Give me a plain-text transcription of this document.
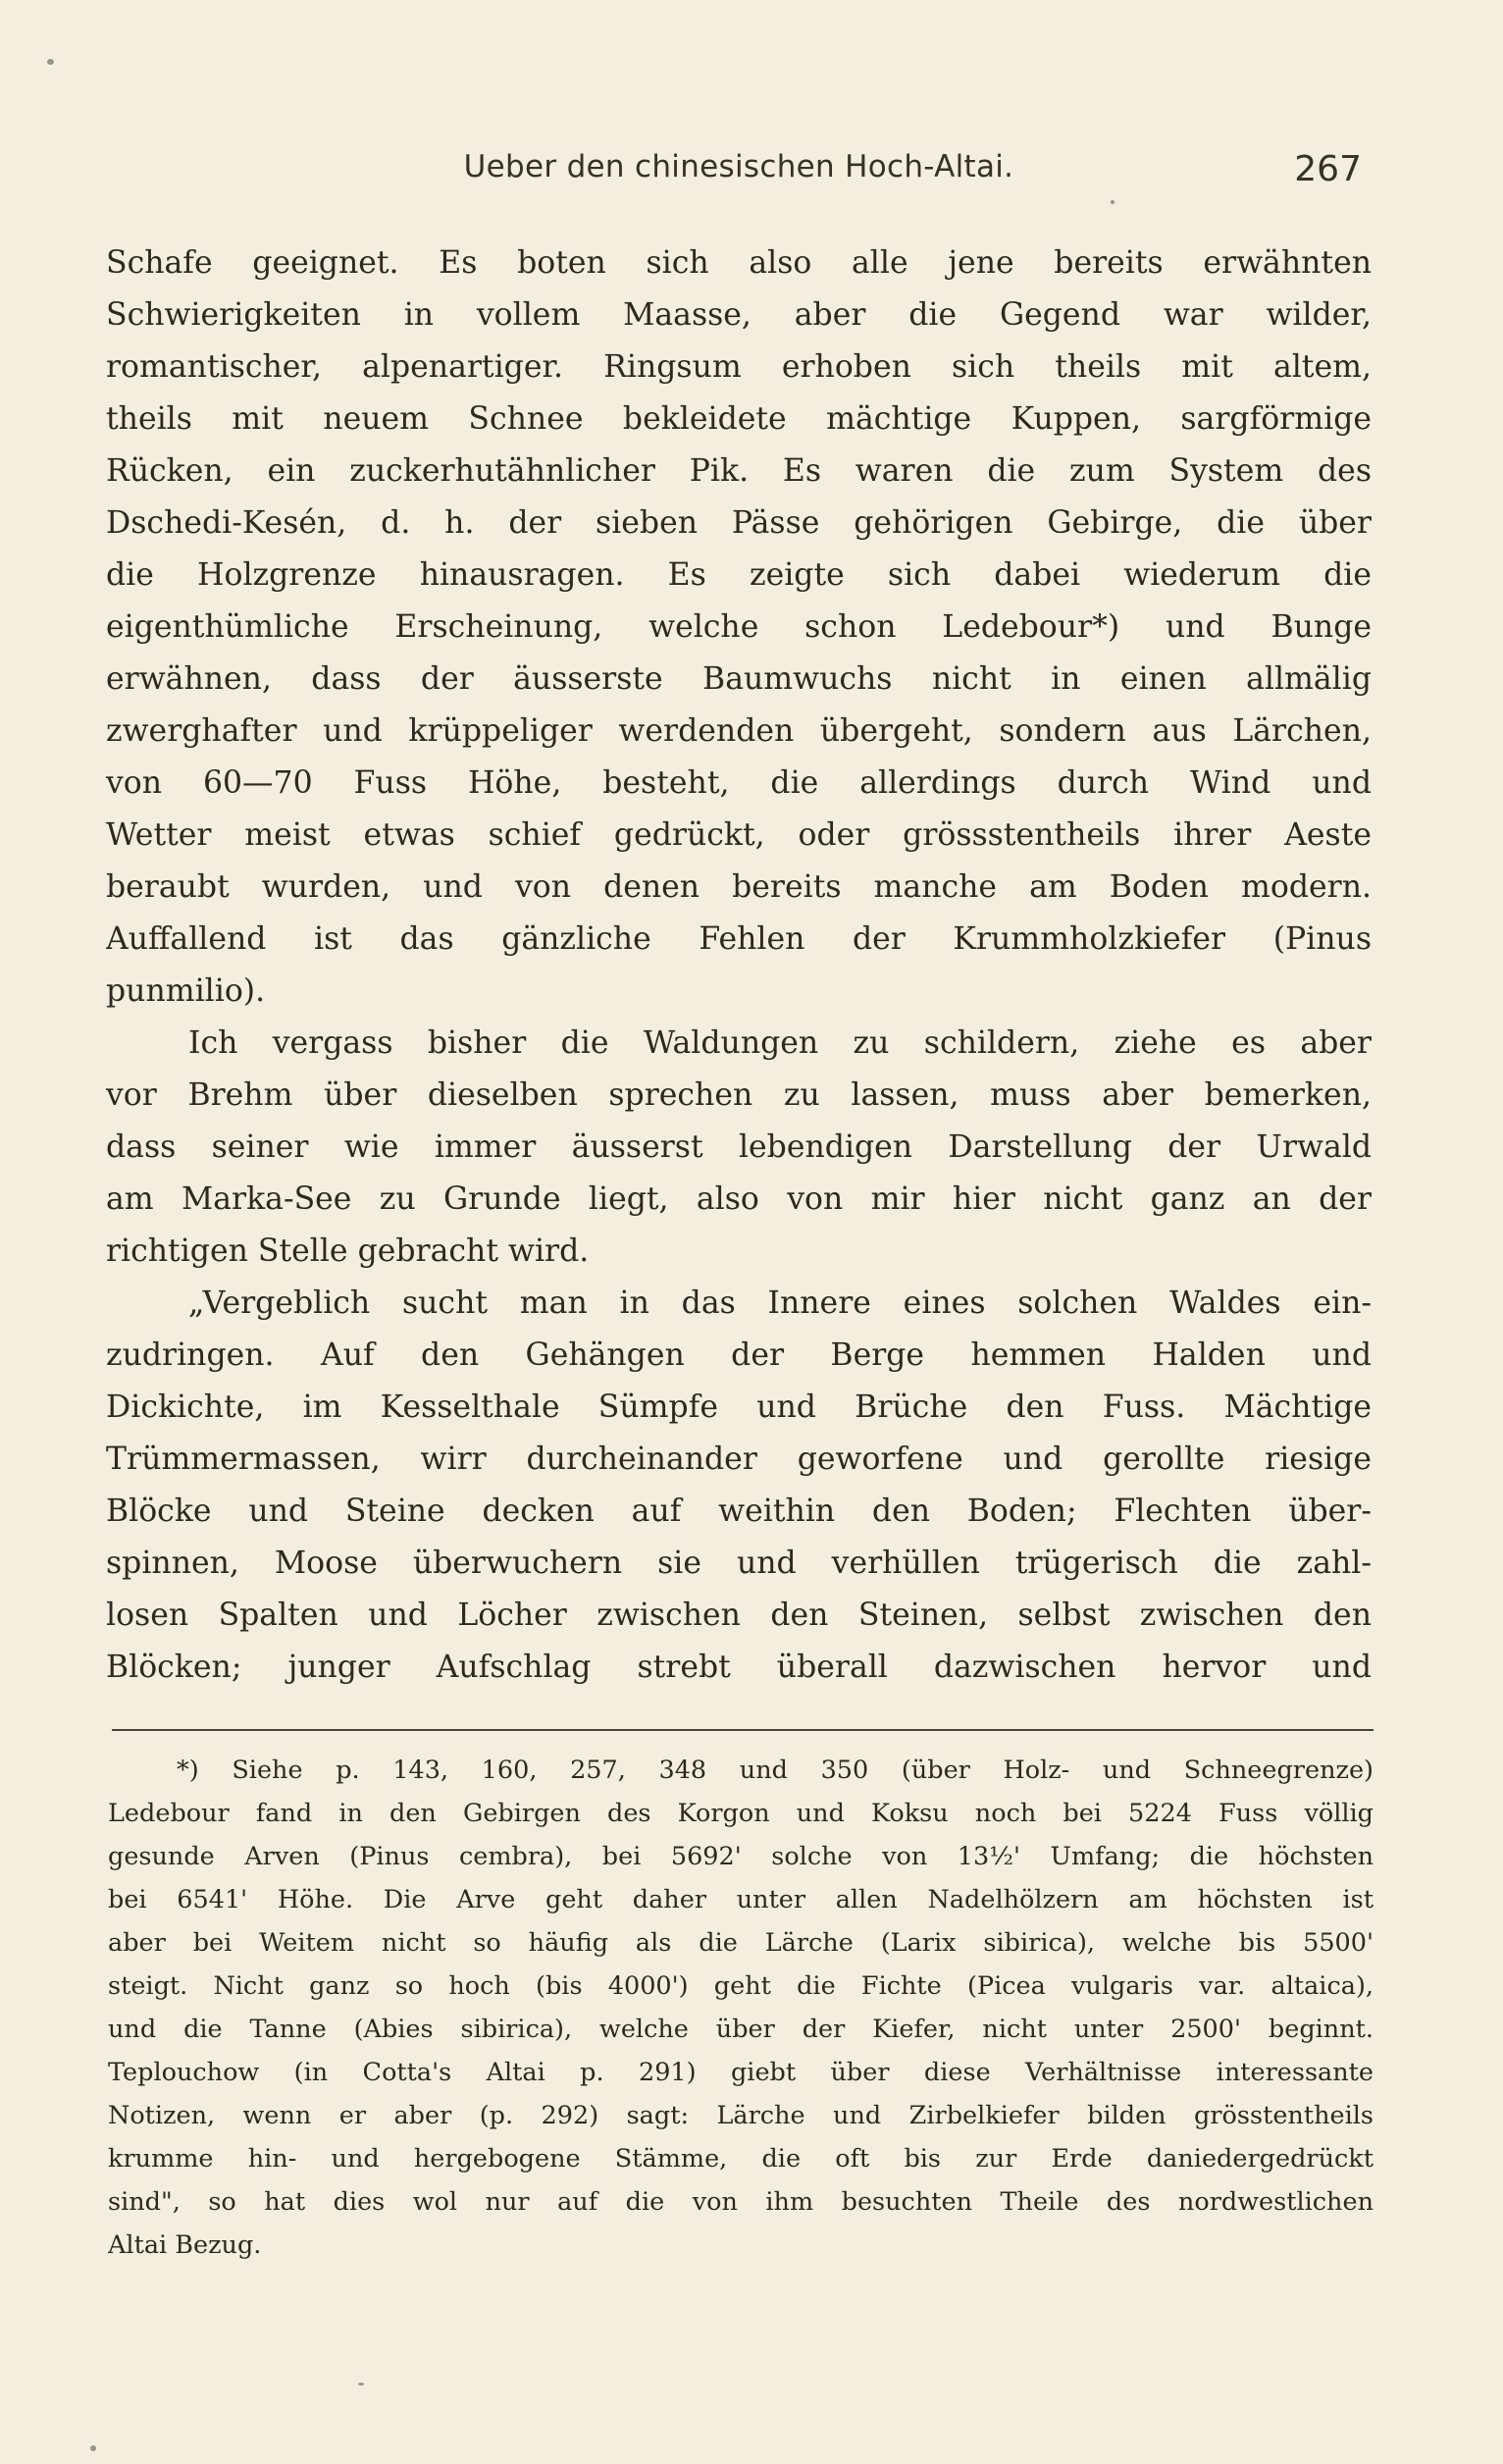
Ueber den chinesischen Hoch-Altai.	267
Schafe geeignet. Es boten sich also alle jene bereits erwähnten
Schwierigkeiten in vollem Maasse, aber die Gegend war wilder,
romantischer, alpenartiger. Ringsum erhoben sich theils mit altem,
theils mit neuem Schnee bekleidete mächtige Kuppen, sargförmige
Rücken, ein zuckerhutähnlicher Pik. Es waren die zum System des
Dschedi-Kesén, d. h. der sieben Pässe gehörigen Gebirge, die über
die Holzgrenze hinausragen. Es zeigte sich dabei wiederum die
eigenthümliche Erscheinung, welche schon Ledebour*) und Bunge
erwähnen, dass der äusserste Baumwuchs nicht in einen allmälig
zwerghafter und krüppeliger werdenden übergeht, sondern aus Lärchen,
von 60—70 Fuss Höhe, besteht, die allerdings durch Wind und
Wetter meist etwas schief gedrückt, oder grössstentheils ihrer Aeste
beraubt wurden, und von denen bereits manche am Boden modern.
Auffallend ist das gänzliche Fehlen der Krummholzkiefer (Pinus
punmilio).
Ich vergass bisher die Waldungen zu schildern, ziehe es aber
vor Brehm über dieselben sprechen zu lassen, muss aber bemerken,
dass seiner wie immer äusserst lebendigen Darstellung der Urwald
am Marka-See zu Grunde liegt, also von mir hier nicht ganz an der
richtigen Stelle gebracht wird.
„Vergeblich sucht man in das Innere eines solchen Waldes ein-
zudringen. Auf den Gehängen der Berge hemmen Halden und
Dickichte, im Kesselthale Sümpfe und Brüche den Fuss. Mächtige
Trümmermassen, wirr durcheinander geworfene und gerollte riesige
Blöcke und Steine decken auf weithin den Boden; Flechten über-
spinnen, Moose überwuchern sie und verhüllen trügerisch die zahl-
losen Spalten und Löcher zwischen den Steinen, selbst zwischen den
Blöcken; junger Aufschlag strebt überall dazwischen hervor und
*) Siehe p. 143, 160, 257, 348 und 350 (über Holz- und Schneegrenze)
Ledebour fand in den Gebirgen des Korgon und Koksu noch bei 5224 Fuss völlig
gesunde Arven (Pinus cembra), bei 5692' solche von 13½' Umfang; die höchsten
bei 6541' Höhe. Die Arve geht daher unter allen Nadelhölzern am höchsten ist
aber bei Weitem nicht so häufig als die Lärche (Larix sibirica), welche bis 5500'
steigt. Nicht ganz so hoch (bis 4000') geht die Fichte (Picea vulgaris var. altaica),
und die Tanne (Abies sibirica), welche über der Kiefer, nicht unter 2500' beginnt.
Teplouchow (in Cotta's Altai p. 291) giebt über diese Verhältnisse interessante
Notizen, wenn er aber (p. 292) sagt: Lärche und Zirbelkiefer bilden grösstentheils
krumme hin- und hergebogene Stämme, die oft bis zur Erde daniedergedrückt
sind", so hat dies wol nur auf die von ihm besuchten Theile des nordwestlichen
Altai Bezug.
